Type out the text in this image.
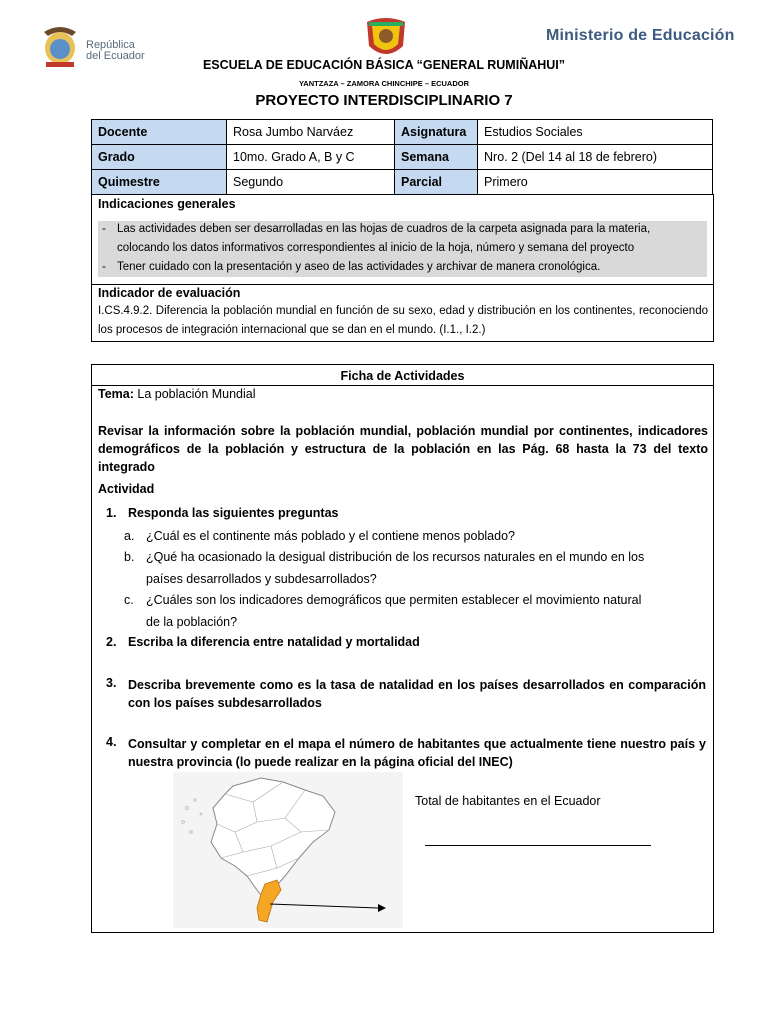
República
del Ecuador
Ministerio de Educación
ESCUELA DE EDUCACIÓN BÁSICA “GENERAL RUMIÑAHUI”
YANTZAZA – ZAMORA CHINCHIPE – ECUADOR
PROYECTO INTERDISCIPLINARIO 7
Docente	Rosa Jumbo Narváez	Asignatura	Estudios Sociales
Grado	10mo. Grado A, B y C	Semana	Nro. 2 (Del 14 al 18 de febrero)
Quimestre	Segundo	Parcial	Primero
Indicaciones generales
- Las actividades deben ser desarrolladas en las hojas de cuadros de la carpeta asignada para la materia,
colocando los datos informativos correspondientes al inicio de la hoja, número y semana del proyecto
- Tener cuidado con la presentación y aseo de las actividades y archivar de manera cronológica.
Indicador de evaluación
I.CS.4.9.2. Diferencia la población mundial en función de su sexo, edad y distribución en los continentes, reconociendo los procesos de integración internacional que se dan en el mundo. (I.1., I.2.)
Ficha de Actividades
Tema: La población Mundial
Revisar la información sobre la población mundial, población mundial por continentes, indicadores demográficos de la población y estructura de la población en las Pág. 68 hasta la 73 del texto integrado
Actividad
1. Responda las siguientes preguntas
a. ¿Cuál es el continente más poblado y el contiene menos poblado?
b. ¿Qué ha ocasionado la desigual distribución de los recursos naturales en el mundo en los
países desarrollados y subdesarrollados?
c. ¿Cuáles son los indicadores demográficos que permiten establecer el movimiento natural
de la población?
2. Escriba la diferencia entre natalidad y mortalidad
3. Describa brevemente como es la tasa de natalidad en los países desarrollados en comparación con los países subdesarrollados
4. Consultar y completar en el mapa el número de habitantes que actualmente tiene nuestro país y nuestra provincia (lo puede realizar en la página oficial del INEC)
Total de habitantes en el Ecuador
